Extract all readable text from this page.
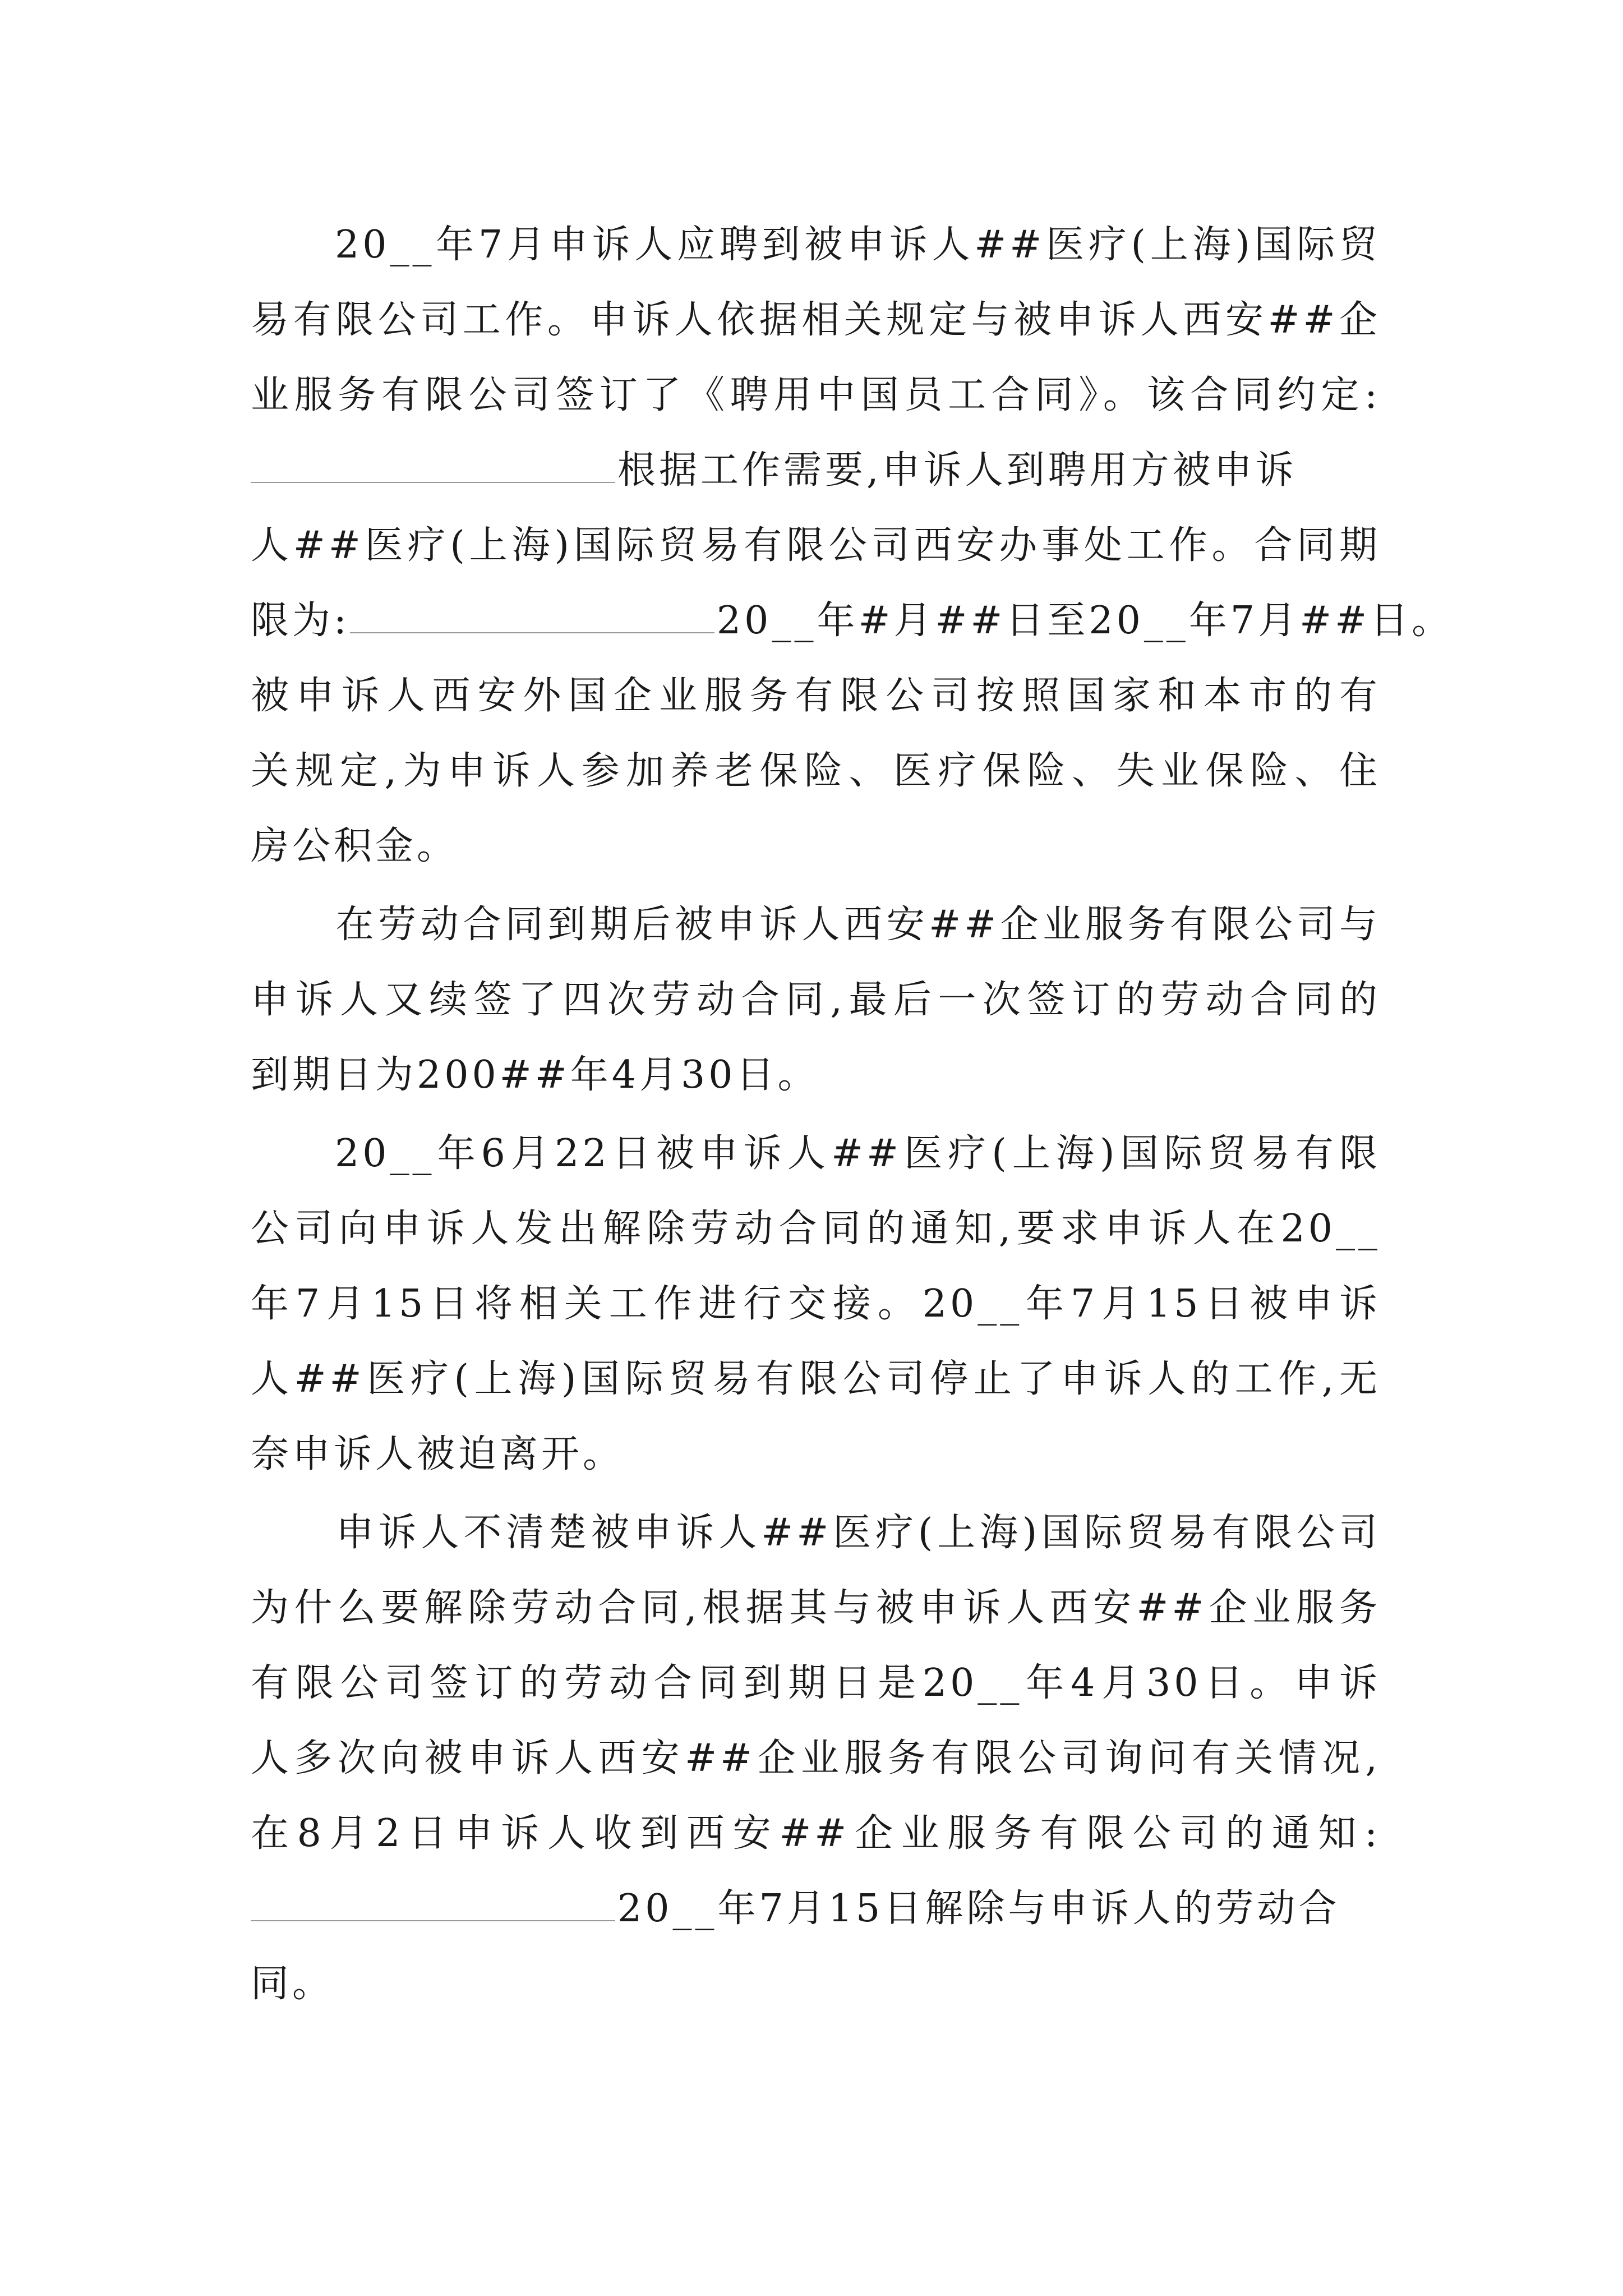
20__年7月申诉人应聘到被申诉人##医疗(上海)国际贸
易有限公司工作。申诉人依据相关规定与被申诉人西安##企
业服务有限公司签订了《聘用中国员工合同》。该合同约定:
根据工作需要,申诉人到聘用方被申诉
人##医疗(上海)国际贸易有限公司西安办事处工作。合同期
限为:	20__年#月##日至20__年7月##日。
被申诉人西安外国企业服务有限公司按照国家和本市的有
关规定,为申诉人参加养老保险、医疗保险、失业保险、住
房公积金。
在劳动合同到期后被申诉人西安##企业服务有限公司与
申诉人又续签了四次劳动合同,最后一次签订的劳动合同的
到期日为200##年4月30日。
20__年6月22日被申诉人##医疗(上海)国际贸易有限
公司向申诉人发出解除劳动合同的通知,要求申诉人在20__
年7月15日将相关工作进行交接。20__年7月15日被申诉
人##医疗(上海)国际贸易有限公司停止了申诉人的工作,无
奈申诉人被迫离开。
申诉人不清楚被申诉人##医疗(上海)国际贸易有限公司
为什么要解除劳动合同,根据其与被申诉人西安##企业服务
有限公司签订的劳动合同到期日是20__年4月30日。申诉
人多次向被申诉人西安##企业服务有限公司询问有关情况,
在8月2日申诉人收到西安##企业服务有限公司的通知:
20__年7月15日解除与申诉人的劳动合
同。
